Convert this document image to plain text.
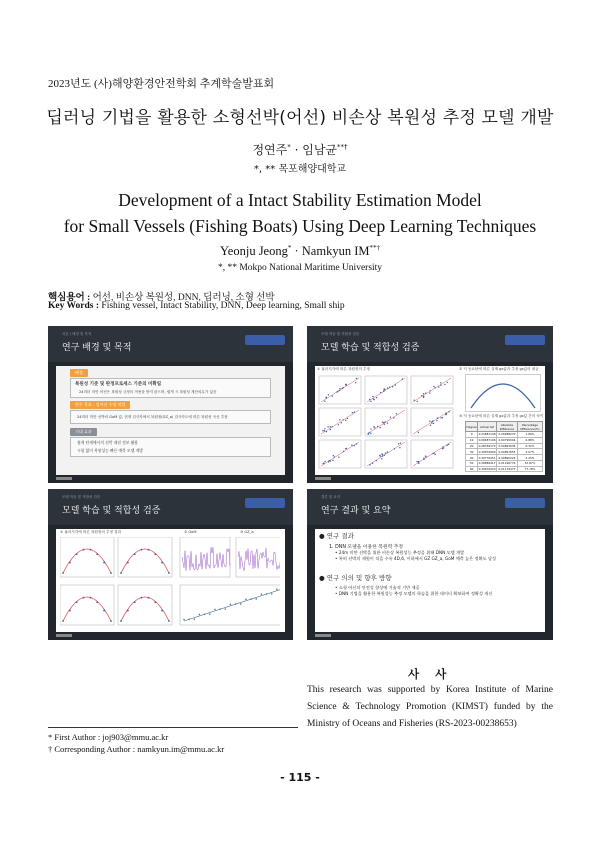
2023년도 (사)해양환경안전학회 추계학술발표회
딥러닝 기법을 활용한 소형선박(어선) 비손상 복원성 추정 모델 개발
정연주* · 임남균**†
*, ** 목포해양대학교
Development of a Intact Stability Estimation Model
for Small Vessels (Fishing Boats) Using Deep Learning Techniques
Yeonju Jeong* · Namkyun IM**†
*, ** Mokpo National Maritime University
핵심용어 : 어선, 비손상 복원성, DNN, 딥러닝, 소형 선박
Key Words : Fishing vessel, Intact Stability, DNN, Deep learning, Small ship
서론 / 배경 및 목적
연구 배경 및 목적
배경
복원성 기준 및 판정프로세스 기준의 미확립
24미터 미만 어선은 복원성 규정의 적용을 받지 않으며, 쉽게 시 복원성 계산의무가 없음
현주 목표 : 입어선 수정 작업
24미터 미만 선박의 GoM 값, 현재 검사자에서 복원정(GZ_a) 검사자도에 따른 복원성 곡선 추정
기대 효과
쉽게 단계에서의 선박 제원 정보 활용
시험 없이 복원성능 빠른 예측 모델 개발
모델 학습 및 적합성 검증
모델 학습 및 적합성 검증
① 흘러지각에 따른 복원정의 추정	② 딕 동요탄에 따른 실제 gz값과 추정 gz값의 평균
③ 딕 동요탄에 따른 실제 gz값과 추정 gz값 간의 차이
Degree	Actual GZ	Absolute Difference	Percentage Difference(%)
0	0.23881148	0.00288270	1.89%
10	0.08487196	0.00790004	0.88%
20	0.28746172	0.00893636	0.32%
30	0.30879900	0.00897855	2.07%
40	0.30776451	0.00890024	2.25%
50	0.28889417	0.01196776	32.87%
60	0.30870943	0.01179477	77.76%
모델 학습 및 적합성 검증
모델 학습 및 적합성 검증
① 흘러지각에 따른 복원정의 추정 결과	② GoM	③ GZ_a
결론 및 요약
연구 결과 및 요약
● 연구 결과
1. DNN 모델을 이용한 복원력 추정
• 24m 미만 선박을 위한 비손상 복원성능 추정을 위해 DNN 모델 개발
• 특히 선박의 제원이 적을 수록 4D,6, 이하에서 GZ GZ_a, GoM 예측 높은 정확도 달성
● 연구 의의 및 향후 방향
• 소형 어선의 안전성 향상에 기술적 기반 제공
• DNN 기법을 활용한 복원성능 추정 모델의 학습을 위한 데이터 확보하여 정확성 개선
사 사
This research was supported by Korea Institute of Marine Science & Technology Promotion (KIMST) funded by the Ministry of Oceans and Fisheries (RS-2023-00238653)
* First Author : joj903@mmu.ac.kr
† Corresponding Author : namkyun.im@mmu.ac.kr
- 115 -
